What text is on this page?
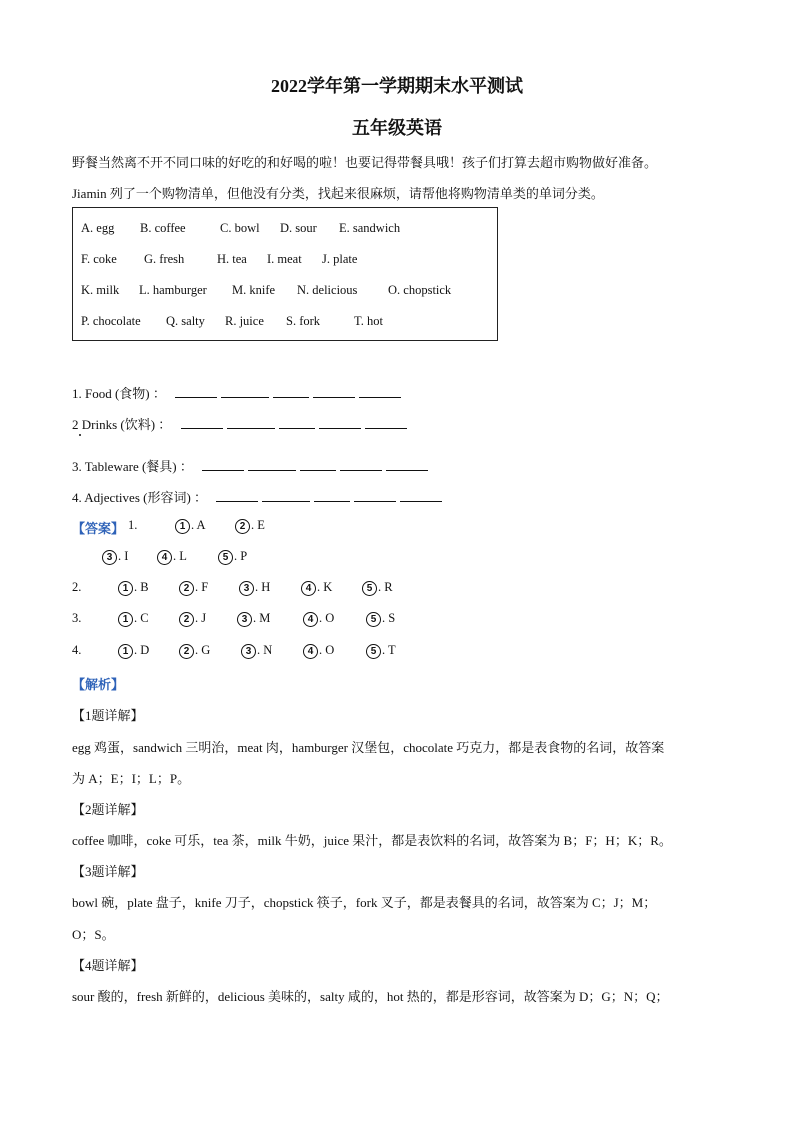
2022学年第一学期期末水平测试
五年级英语
野餐当然离不开不同口味的好吃的和好喝的啦！也要记得带餐具哦！孩子们打算去超市购物做好准备。
Jiamin 列了一个购物清单，但他没有分类，找起来很麻烦，请帮他将购物清单类的单词分类。
A. egg B. coffee	C. bowl D. sour E. sandwich
F. coke G. fresh	H. tea I. meat J. plate
K. milk L. hamburger M. knife N. delicious O. chopstick
P. chocolate Q. salty R. juice S. fork	T. hot
1. Food (食物) ：
2 Drinks (饮料) ：
3. Tableware (餐具) ：
4. Adjectives (形容词) ：
【答案】 1.	1 . A	2 . E
3 . I	4 . L	5 . P
2.	1 . B	2 . F	3 . H	4 . K	5 . R
3.	1 . C	2 . J	3 . M	4 . O	5 . S
4.	1 . D	2 . G	3 . N	4 . O	5 . T
【解析】
【1题详解】
egg 鸡蛋，sandwich 三明治，meat 肉，hamburger 汉堡包，chocolate 巧克力，都是表食物的名词，故答案
为 A；E；I；L；P。
【2题详解】
coffee 咖啡，coke 可乐，tea 茶，milk 牛奶，juice 果汁，都是表饮料的名词，故答案为 B；F；H；K；R。
【3题详解】
bowl 碗，plate 盘子，knife 刀子，chopstick 筷子，fork 叉子，都是表餐具的名词，故答案为 C；J；M；
O；S。
【4题详解】
sour 酸的，fresh 新鲜的，delicious 美味的，salty 咸的，hot 热的，都是形容词，故答案为 D；G；N；Q；
